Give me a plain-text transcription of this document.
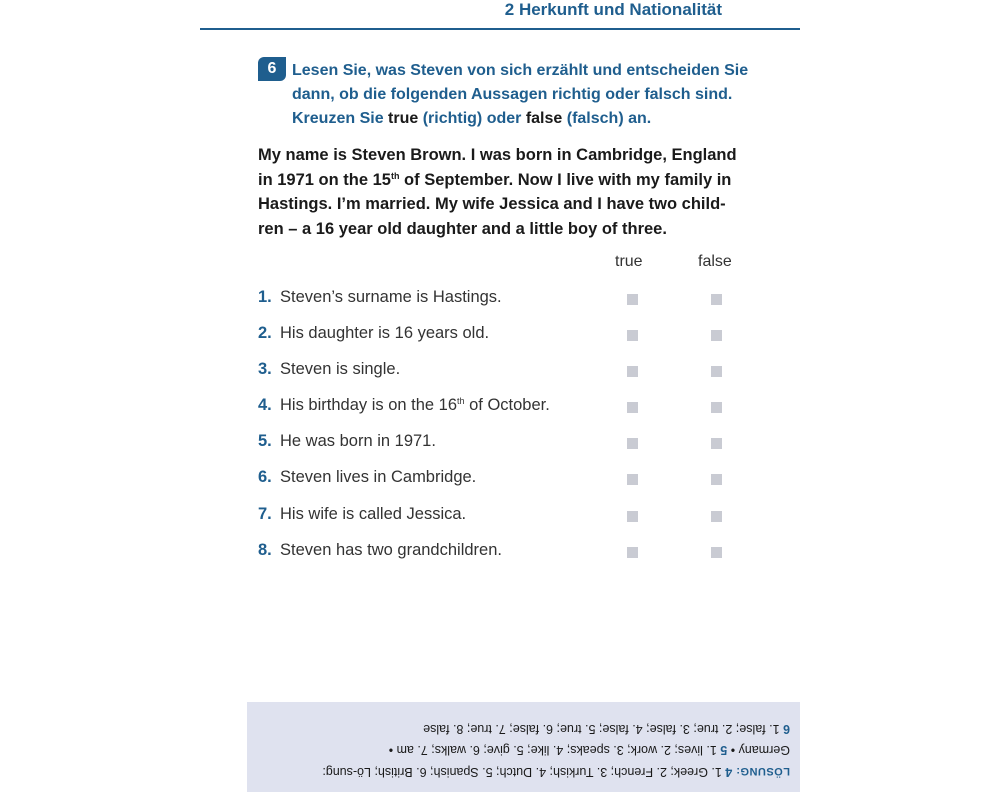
2 Herkunft und Nationalität
6 Lesen Sie, was Steven von sich erzählt und entscheiden Sie dann, ob die folgenden Aussagen richtig oder falsch sind. Kreuzen Sie true (richtig) oder false (falsch) an.
My name is Steven Brown. I was born in Cambridge, England
in 1971 on the 15th of September. Now I live with my family in
Hastings. I’m married. My wife Jessica and I have two child-
ren – a 16 year old daughter and a little boy of three.
true	false
1. Steven’s surname is Hastings.
2. His daughter is 16 years old.
3. Steven is single.
4. His birthday is on the 16th of October.
5. He was born in 1971.
6. Steven lives in Cambridge.
7. His wife is called Jessica.
8. Steven has two grandchildren.
LÖSUNG: 4 1. Greek; 2. French; 3. Turkish; 4. Dutch; 5. Spanish; 6. British; Lö-sung: Germany • 5 1. lives; 2. work; 3. speaks; 4. like; 5. give; 6. walks; 7. am •
6 1. false; 2. true; 3. false; 4. false; 5. true; 6. false; 7. true; 8. false
